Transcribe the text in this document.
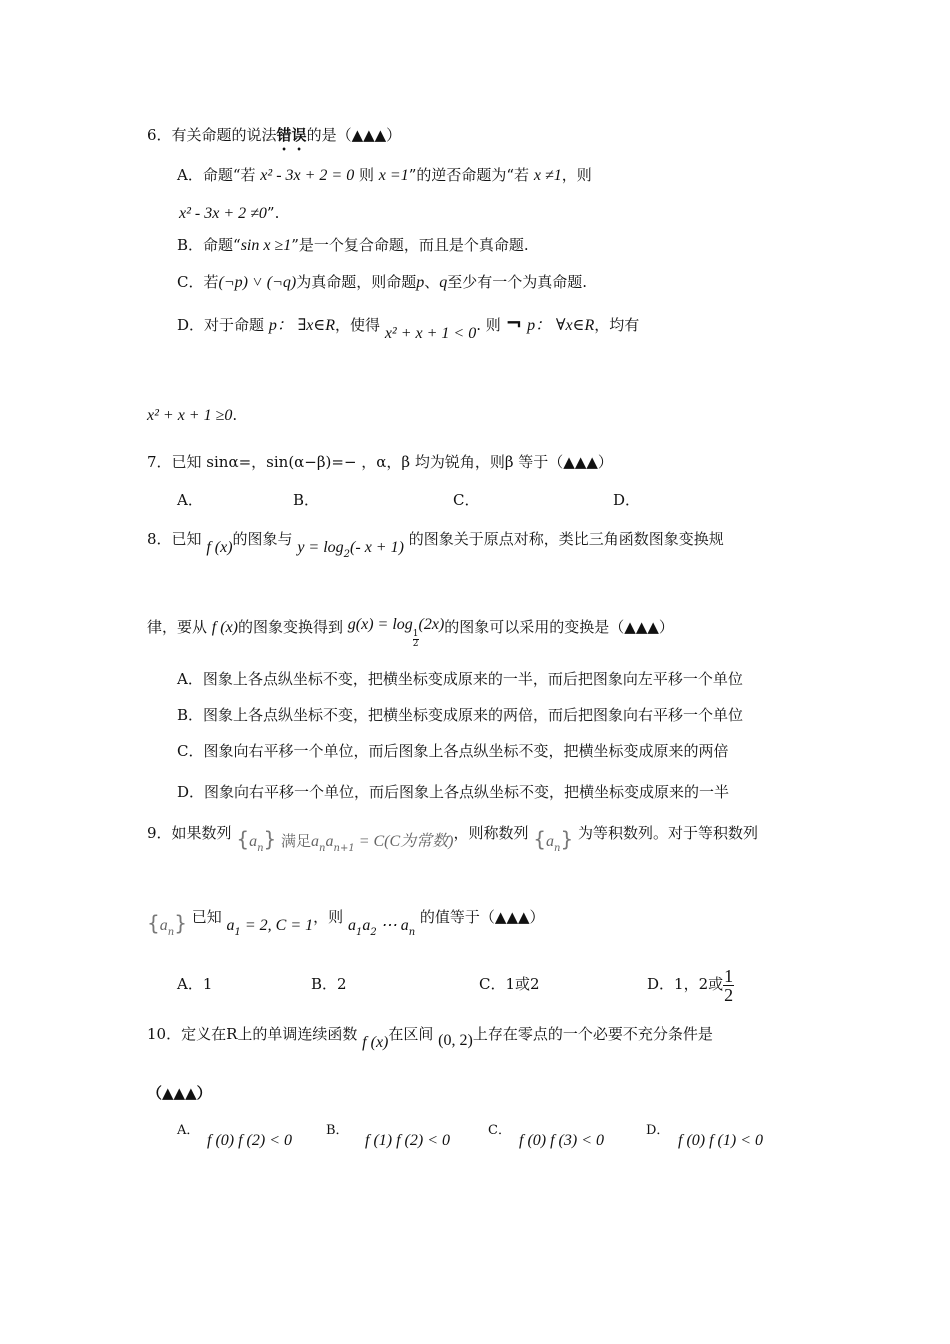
6．有关命题的说法错误的是（▲▲▲）
A．命题“若 x² - 3x + 2 = 0 则 x =1”的逆否命题为“若 x ≠1，则
x² - 3x + 2 ≠0”.
B．命题“sin x ≥1”是一个复合命题，而且是个真命题.
C．若(¬p) ˅ (¬q)为真命题，则命题p、q至少有一个为真命题.
D．对于命题 p： ∃x∈R，使得 x² + x + 1 < 0. 则 ¬ p： ∀x∈R，均有
x² + x + 1 ≥0.
7．已知 sinα=，sin(α−β)=− ，α，β 均为锐角，则β 等于（▲▲▲）
A．	B．	C．	D．
8．已知 f (x)的图象与 $y = \log_2(-$ x + 1) 的图象关于原点对称，类比三角函数图象变换规
律，要从 f (x)的图象变换得到 g(x) = log
$\frac{1}{2}(2x)$的图象可以采用的变换是（▲▲▲）
A．图象上各点纵坐标不变，把横坐标变成原来的一半，而后把图象向左平移一个单位
B．图象上各点纵坐标不变，把横坐标变成原来的两倍，而后把图象向右平移一个单位
C．图象向右平移一个单位，而后图象上各点纵坐标不变，把横坐标变成原来的两倍
D．图象向右平移一个单位，而后图象上各点纵坐标不变，把横坐标变成原来的一半
9．如果数列 $\{a_n\}$ 满足$a_na_{n+1} = C(C$为常数)，则称数列 $\{a_n\}$ 为等积数列。对于等积数列
$\{a_n\}$ 已知 $a_1 = 2$, C = 1，则 $a_1a_2$ ⋯ $a_n$ 的值等于（▲▲▲）
A．1	B．2	C．1或2	D．1，2或 $\frac{1}{2}$
10．定义在R上的单调连续函数 f (x)在区间 (0, 2)上存在零点的一个必要不充分条件是
（▲▲▲）
A．
f (0) f (2) < 0
B．
f (1) f (2) < 0
C．
f (0) f (3) < 0
D．
f (0) f (1) < 0
